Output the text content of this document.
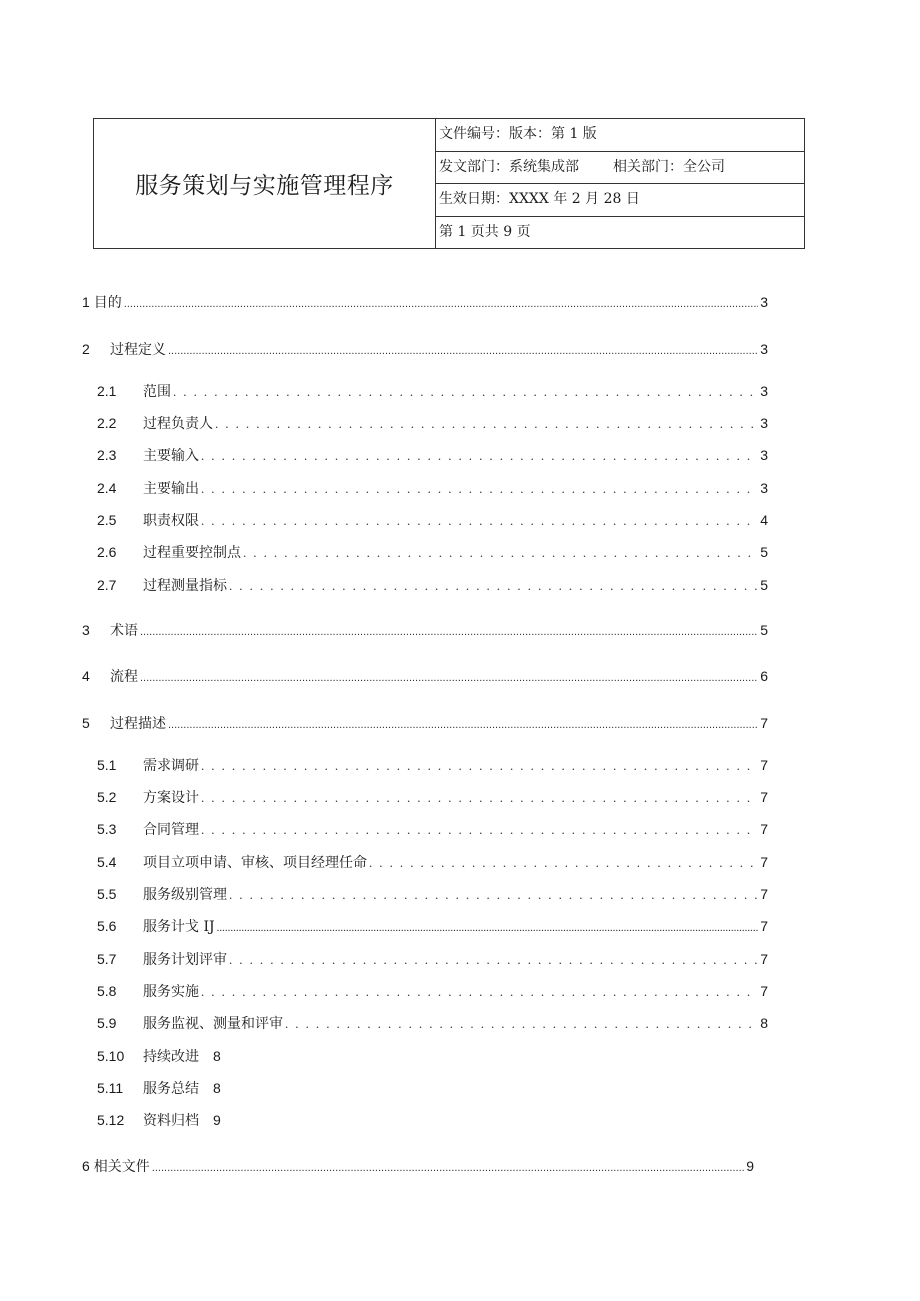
服务策划与实施管理程序
文件编号：版本：第 1 版
发文部门：系统集成部 相关部门：全公司
生效日期：XXXX 年 2 月 28 日
第 1 页共 9 页
1 目的 .....	3
2	过程定义 .....	3
2.1	范围 . . .	3
2.2	过程负责人 . . .	3
2.3	主要输入 . . .	3
2.4	主要输出 . . .	3
2.5	职责权限 . . .	4
2.6	过程重要控制点 . . .	5
2.7	过程测量指标 . . .	5
3	术语 .....	5
4	流程 .....	6
5	过程描述 .....	7
5.1	需求调研 . . .	7
5.2	方案设计 . . .	7
5.3	合同管理 . . .	7
5.4	项目立项申请、审核、项目经理任命 . . .	7
5.5	服务级别管理 . . .	7
5.6	服务计戈 IJ .....	7
5.7	服务计划评审 . . .	7
5.8	服务实施 . . .	7
5.9	服务监视、测量和评审 . . .	8
5.10	持续改进 8
5.11	服务总结 8
5.12	资料归档 9
6 相关文件 .....	9
